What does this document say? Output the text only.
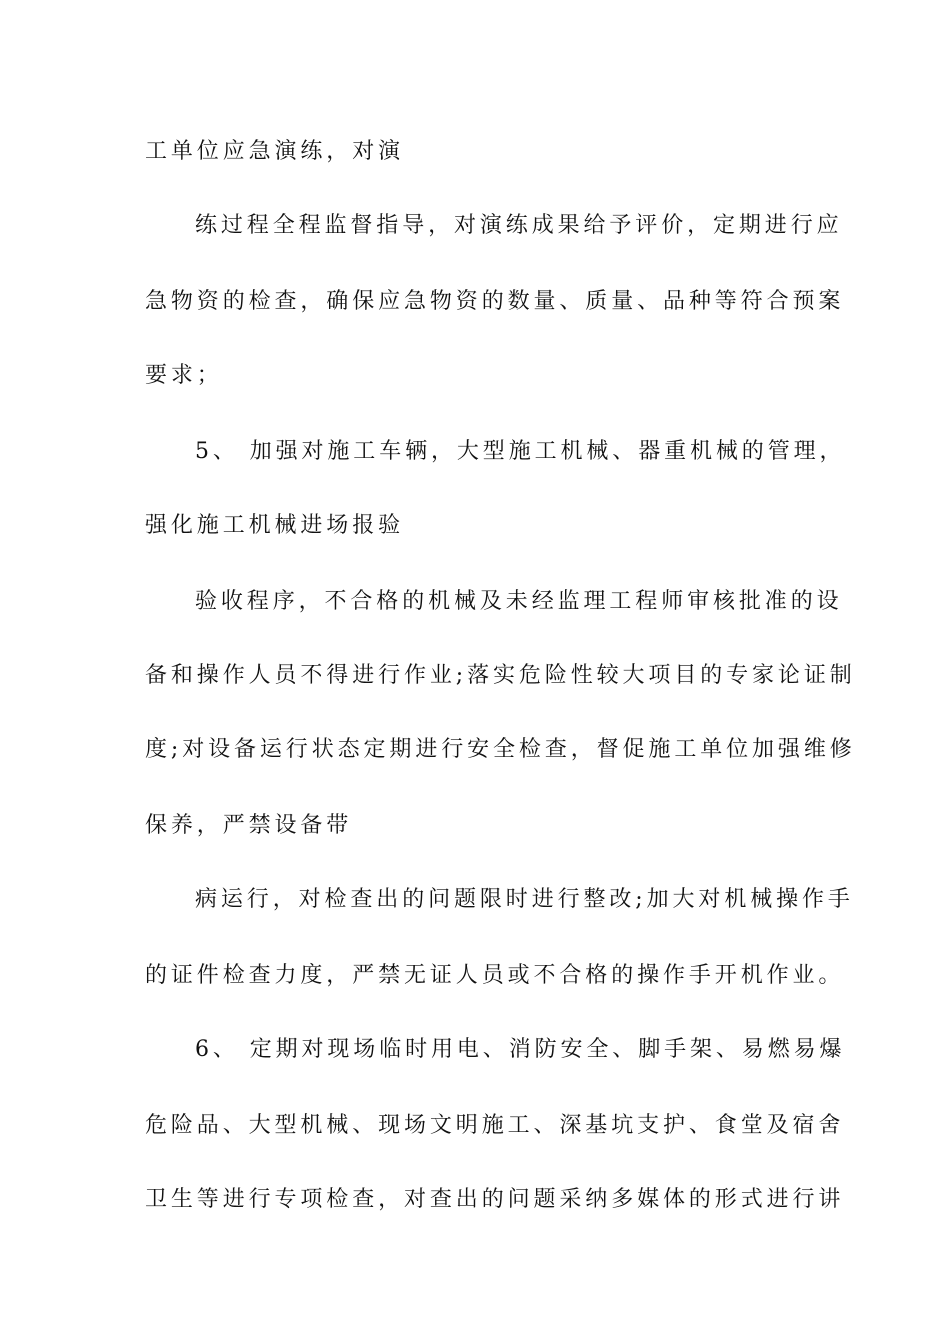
工单位应急演练，对演
练过程全程监督指导，对演练成果给予评价，定期进行应
急物资的检查，确保应急物资的数量、质量、品种等符合预案
要求；
5、 加强对施工车辆，大型施工机械、器重机械的管理，
强化施工机械进场报验
验收程序，不合格的机械及未经监理工程师审核批准的设
备和操作人员不得进行作业;落实危险性较大项目的专家论证制
度;对设备运行状态定期进行安全检查，督促施工单位加强维修
保养，严禁设备带
病运行，对检查出的问题限时进行整改;加大对机械操作手
的证件检查力度，严禁无证人员或不合格的操作手开机作业。
6、 定期对现场临时用电、消防安全、脚手架、易燃易爆
危险品、大型机械、现场文明施工、深基坑支护、食堂及宿舍
卫生等进行专项检查，对查出的问题采纳多媒体的形式进行讲
